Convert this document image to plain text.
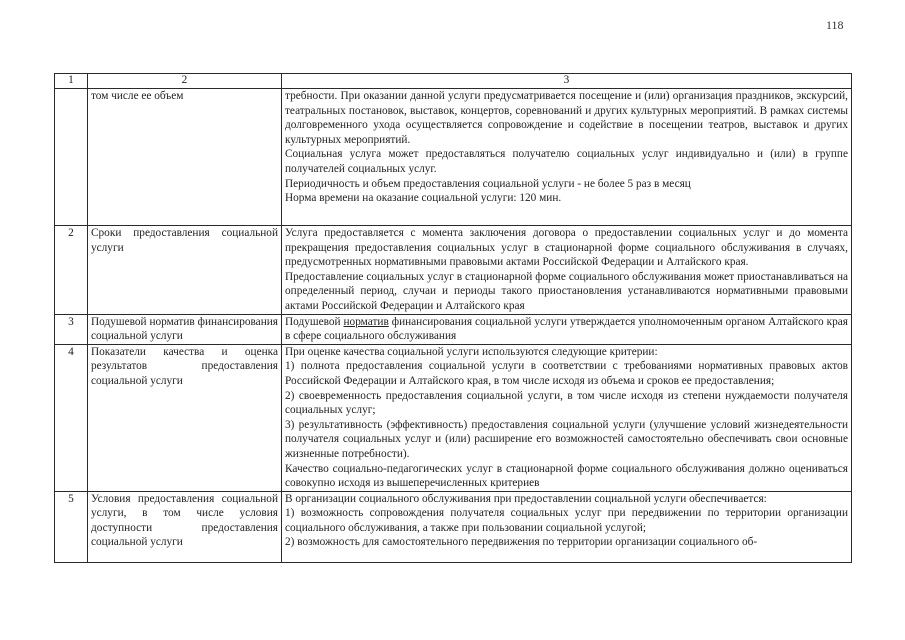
118
1	2	3
	том числе ее объем	требности. При оказании данной услуги предусматривается посещение и (или) организация праздников, экскурсий, театральных постановок, выставок, концертов, соревнований и других культурных мероприятий. В рамках системы долговременного ухода осуществляется сопровождение и содействие в посещении театров, выставок и других культурных мероприятий.
Социальная услуга может предоставляться получателю социальных услуг индивидуально и (или) в группе получателей социальных услуг.
Периодичность и объем предоставления социальной услуги - не более 5 раз в месяц
Норма времени на оказание социальной услуги: 120 мин.

2	Сроки предоставления социальной услуги	Услуга предоставляется с момента заключения договора о предоставлении социальных услуг и до момента прекращения предоставления социальных услуг в стационарной форме социального обслуживания в случаях, предусмотренных нормативными правовыми актами Российской Федерации и Алтайского края.
Предоставление социальных услуг в стационарной форме социального обслуживания может приостанавливаться на определенный период, случаи и периоды такого приостановления устанавливаются нормативными правовыми актами Российской Федерации и Алтайского края

3	Подушевой норматив финансирования социальной услуги	Подушевой норматив финансирования социальной услуги утверждается уполномоченным органом Алтайского края в сфере социального обслуживания

4	Показатели качества и оценка результатов предоставления социальной услуги	При оценке качества социальной услуги используются следующие критерии:
1) полнота предоставления социальной услуги в соответствии с требованиями нормативных правовых актов Российской Федерации и Алтайского края, в том числе исходя из объема и сроков ее предоставления;
2) своевременность предоставления социальной услуги, в том числе исходя из степени нуждаемости получателя социальных услуг;
3) результативность (эффективность) предоставления социальной услуги (улучшение условий жизнедеятельности получателя социальных услуг и (или) расширение его возможностей самостоятельно обеспечивать свои основные жизненные потребности).
Качество социально-педагогических услуг в стационарной форме социального обслуживания должно оцениваться совокупно исходя из вышеперечисленных критериев

5	Условия предоставления социальной услуги, в том числе условия доступности предоставления социальной услуги	В организации социального обслуживания при предоставлении социальной услуги обеспечивается:
1) возможность сопровождения получателя социальных услуг при передвижении по территории организации социального обслуживания, а также при пользовании социальной услугой;
2) возможность для самостоятельного передвижения по территории организации социального об-
